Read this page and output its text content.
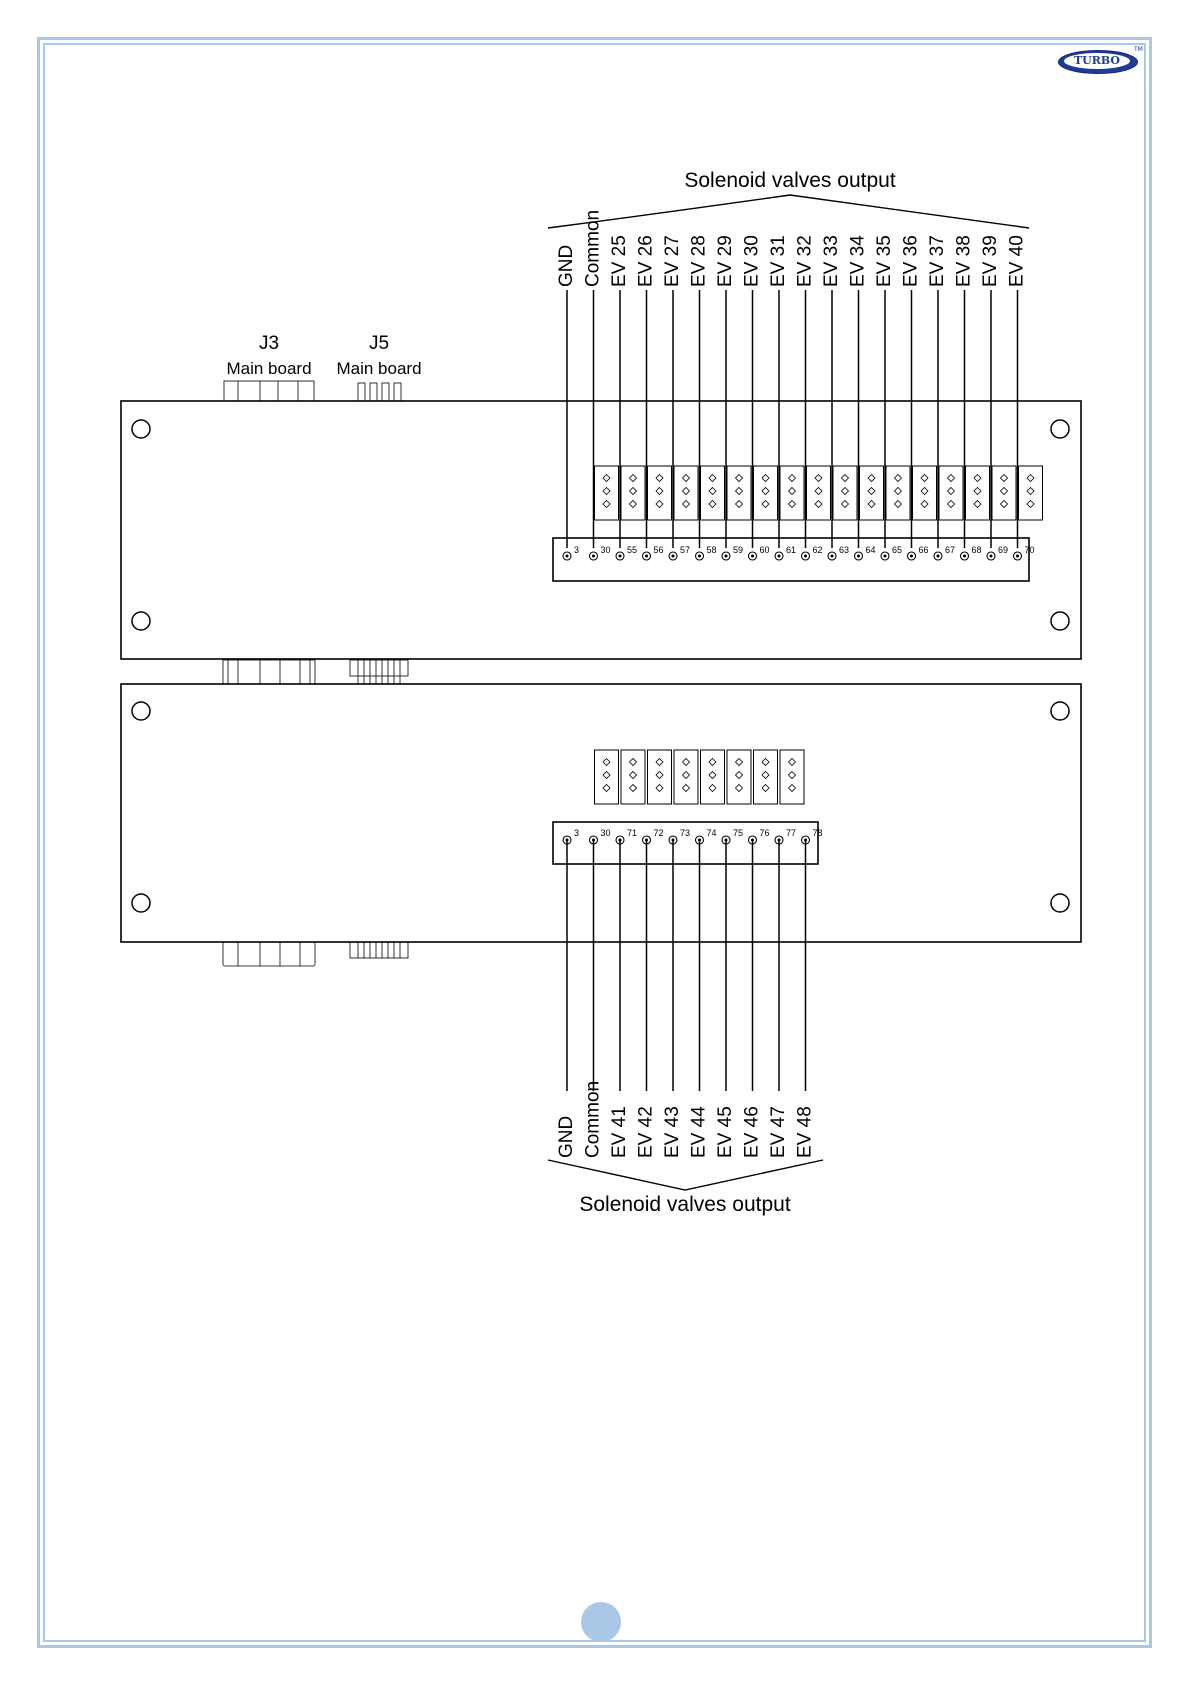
TURBO
TM
J3
Main board
J5
Main board
Solenoid valves output
Solenoid valves output
GND
3
Common
30
EV 25
55
EV 26
56
EV 27
57
EV 28
58
EV 29
59
EV 30
60
EV 31
61
EV 32
62
EV 33
63
EV 34
64
EV 35
65
EV 36
66
EV 37
67
EV 38
68
EV 39
69
EV 40
70
GND
3
Common
30
EV 41
71
EV 42
72
EV 43
73
EV 44
74
EV 45
75
EV 46
76
EV 47
77
EV 48
78
